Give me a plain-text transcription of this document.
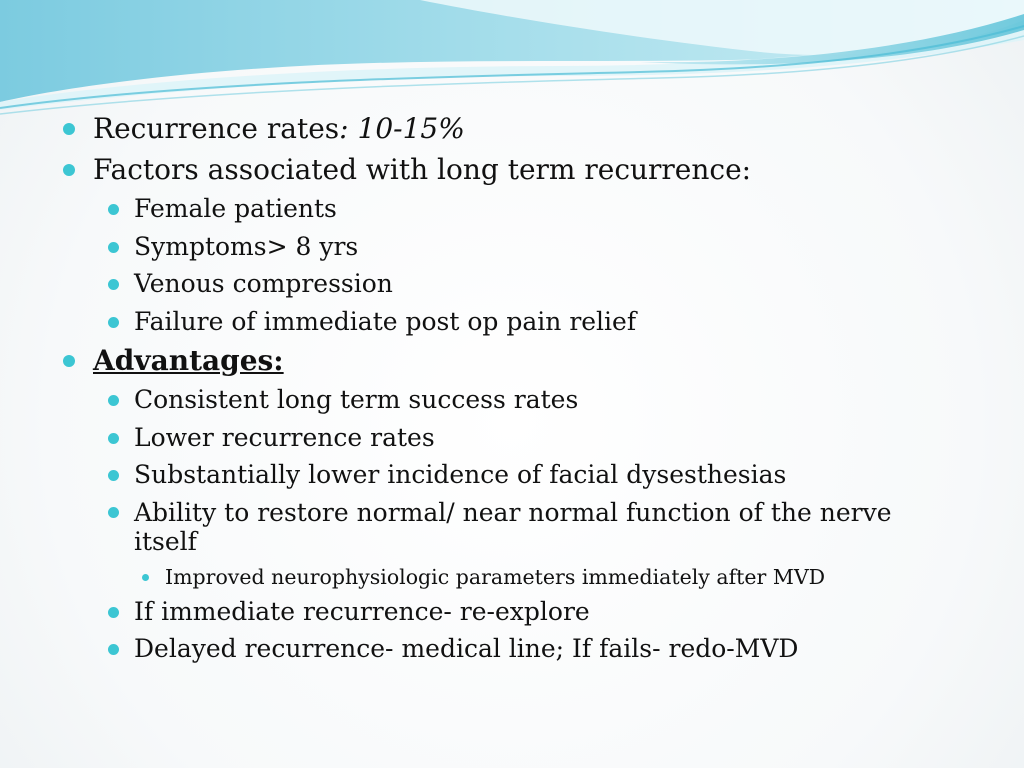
Recurrence rates: 10-15%
Factors associated with long term recurrence:
Female patients
Symptoms> 8 yrs
Venous compression
Failure of immediate post op pain relief
Advantages:
Consistent long term success rates
Lower recurrence rates
Substantially lower incidence of facial dysesthesias
Ability to restore normal/ near normal function of the nerve itself
Improved neurophysiologic parameters immediately after MVD
If immediate recurrence- re-explore
Delayed recurrence- medical line; If fails- redo-MVD
